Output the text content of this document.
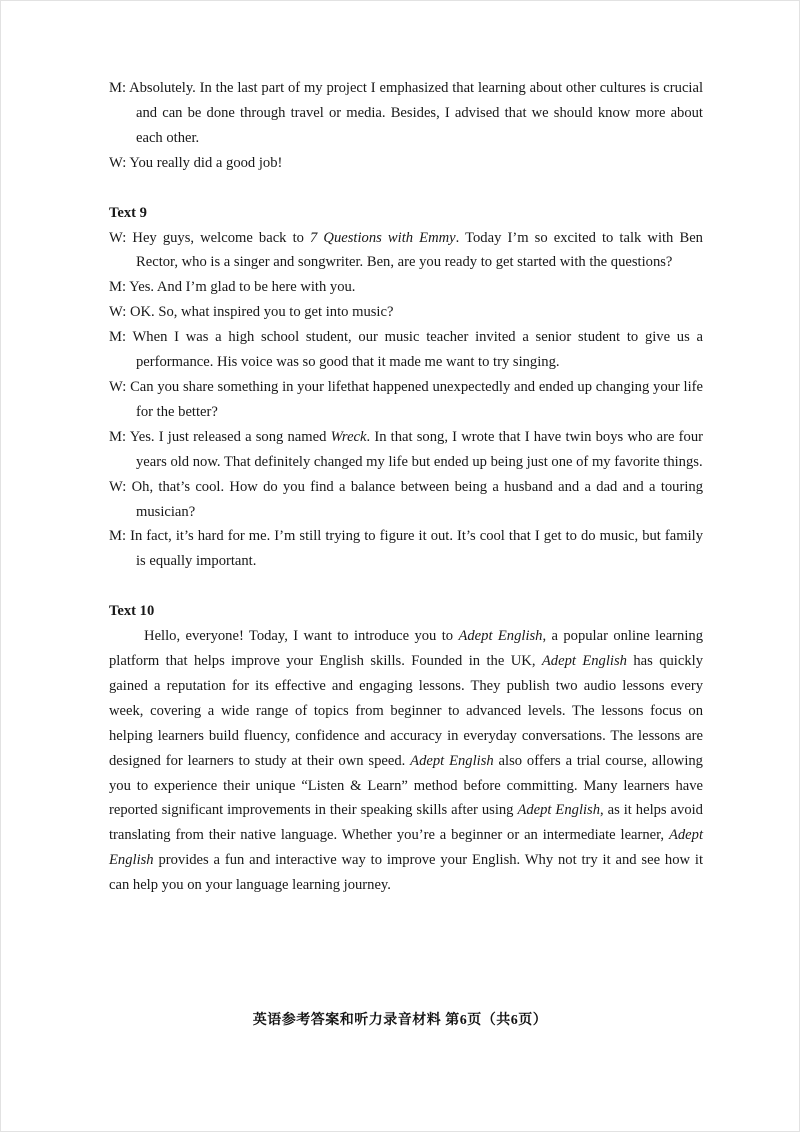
M: Absolutely. In the last part of my project I emphasized that learning about other cultures is crucial and can be done through travel or media. Besides, I advised that we should know more about each other.

W: You really did a good job!

Text 9

W: Hey guys, welcome back to 7 Questions with Emmy. Today I’m so excited to talk with Ben Rector, who is a singer and songwriter. Ben, are you ready to get started with the questions?

M: Yes. And I’m glad to be here with you.

W: OK. So, what inspired you to get into music?

M: When I was a high school student, our music teacher invited a senior student to give us a performance. His voice was so good that it made me want to try singing.

W: Can you share something in your lifethat happened unexpectedly and ended up changing your life for the better?

M: Yes. I just released a song named Wreck. In that song, I wrote that I have twin boys who are four years old now. That definitely changed my life but ended up being just one of my favorite things.

W: Oh, that’s cool. How do you find a balance between being a husband and a dad and a touring musician?

M: In fact, it’s hard for me. I’m still trying to figure it out. It’s cool that I get to do music, but family is equally important.

Text 10

Hello, everyone! Today, I want to introduce you to Adept English, a popular online learning platform that helps improve your English skills. Founded in the UK, Adept English has quickly gained a reputation for its effective and engaging lessons. They publish two audio lessons every week, covering a wide range of topics from beginner to advanced levels. The lessons focus on helping learners build fluency, confidence and accuracy in everyday conversations. The lessons are designed for learners to study at their own speed. Adept English also offers a trial course, allowing you to experience their unique “Listen & Learn” method before committing. Many learners have reported significant improvements in their speaking skills after using Adept English, as it helps avoid translating from their native language. Whether you’re a beginner or an intermediate learner, Adept English provides a fun and interactive way to improve your English. Why not try it and see how it can help you on your language learning journey.

英语参考答案和听力录音材料 第6页（共6页）
